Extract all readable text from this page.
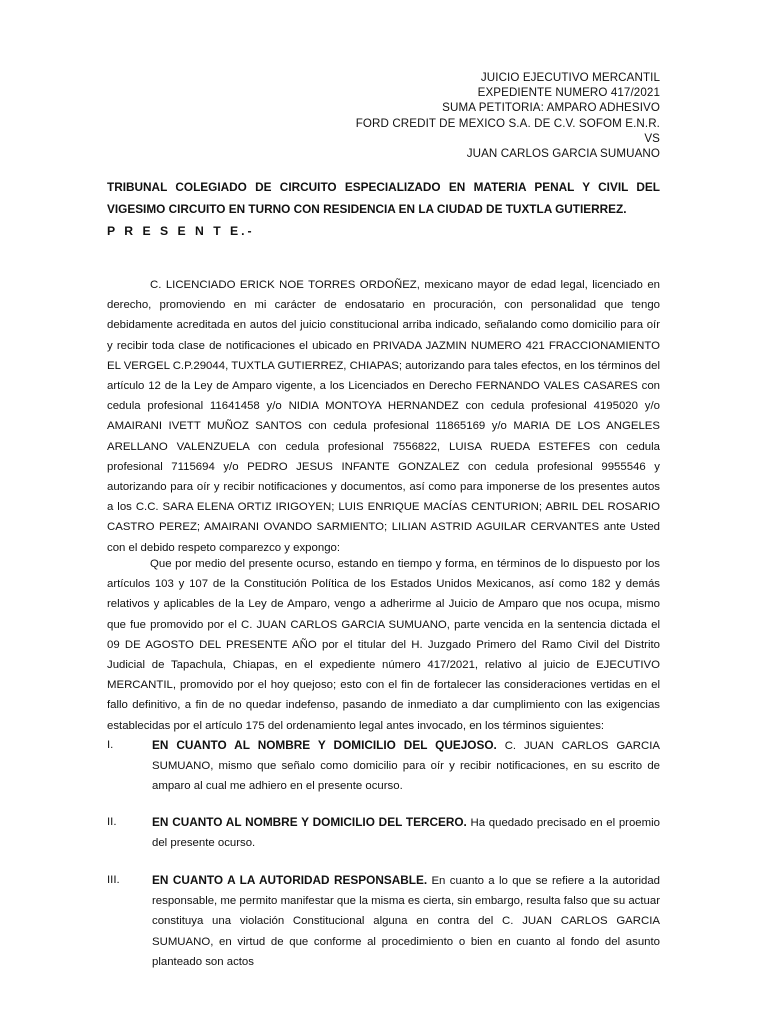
JUICIO EJECUTIVO MERCANTIL
EXPEDIENTE NUMERO 417/2021
SUMA PETITORIA: AMPARO ADHESIVO
FORD CREDIT DE MEXICO S.A. DE C.V. SOFOM E.N.R.
VS
JUAN CARLOS GARCIA SUMUANO
TRIBUNAL COLEGIADO DE CIRCUITO ESPECIALIZADO EN MATERIA PENAL Y CIVIL DEL VIGESIMO CIRCUITO EN TURNO CON RESIDENCIA EN LA CIUDAD DE TUXTLA GUTIERREZ.
P R E S E N T E.-
C. LICENCIADO ERICK NOE TORRES ORDOÑEZ, mexicano mayor de edad legal, licenciado en derecho, promoviendo en mi carácter de endosatario en procuración, con personalidad que tengo debidamente acreditada en autos del juicio constitucional arriba indicado, señalando como domicilio para oír y recibir toda clase de notificaciones el ubicado en PRIVADA JAZMIN NUMERO 421 FRACCIONAMIENTO EL VERGEL C.P.29044, TUXTLA GUTIERREZ, CHIAPAS; autorizando para tales efectos, en los términos del artículo 12 de la Ley de Amparo vigente, a los Licenciados en Derecho FERNANDO VALES CASARES con cedula profesional 11641458 y/o NIDIA MONTOYA HERNANDEZ con cedula profesional 4195020 y/o AMAIRANI IVETT MUÑOZ SANTOS con cedula profesional 11865169 y/o MARIA DE LOS ANGELES ARELLANO VALENZUELA con cedula profesional 7556822, LUISA RUEDA ESTEFES con cedula profesional 7115694 y/o PEDRO JESUS INFANTE GONZALEZ con cedula profesional 9955546 y autorizando para oír y recibir notificaciones y documentos, así como para imponerse de los presentes autos a los C.C. SARA ELENA ORTIZ IRIGOYEN; LUIS ENRIQUE MACÍAS CENTURION; ABRIL DEL ROSARIO CASTRO PEREZ; AMAIRANI OVANDO SARMIENTO; LILIAN ASTRID AGUILAR CERVANTES ante Usted con el debido respeto comparezco y expongo:
Que por medio del presente ocurso, estando en tiempo y forma, en términos de lo dispuesto por los artículos 103 y 107 de la Constitución Política de los Estados Unidos Mexicanos, así como 182 y demás relativos y aplicables de la Ley de Amparo, vengo a adherirme al Juicio de Amparo que nos ocupa, mismo que fue promovido por el C. JUAN CARLOS GARCIA SUMUANO, parte vencida en la sentencia dictada el 09 DE AGOSTO DEL PRESENTE AÑO por el titular del H. Juzgado Primero del Ramo Civil del Distrito Judicial de Tapachula, Chiapas, en el expediente número 417/2021, relativo al juicio de EJECUTIVO MERCANTIL, promovido por el hoy quejoso; esto con el fin de fortalecer las consideraciones vertidas en el fallo definitivo, a fin de no quedar indefenso, pasando de inmediato a dar cumplimiento con las exigencias establecidas por el artículo 175 del ordenamiento legal antes invocado, en los términos siguientes:
I.	EN CUANTO AL NOMBRE Y DOMICILIO DEL QUEJOSO. C. JUAN CARLOS GARCIA SUMUANO, mismo que señalo como domicilio para oír y recibir notificaciones, en su escrito de amparo al cual me adhiero en el presente ocurso.
II.	EN CUANTO AL NOMBRE Y DOMICILIO DEL TERCERO. Ha quedado precisado en el proemio del presente ocurso.
III.	EN CUANTO A LA AUTORIDAD RESPONSABLE. En cuanto a lo que se refiere a la autoridad responsable, me permito manifestar que la misma es cierta, sin embargo, resulta falso que su actuar constituya una violación Constitucional alguna en contra del C. JUAN CARLOS GARCIA SUMUANO, en virtud de que conforme al procedimiento o bien en cuanto al fondo del asunto planteado son actos
